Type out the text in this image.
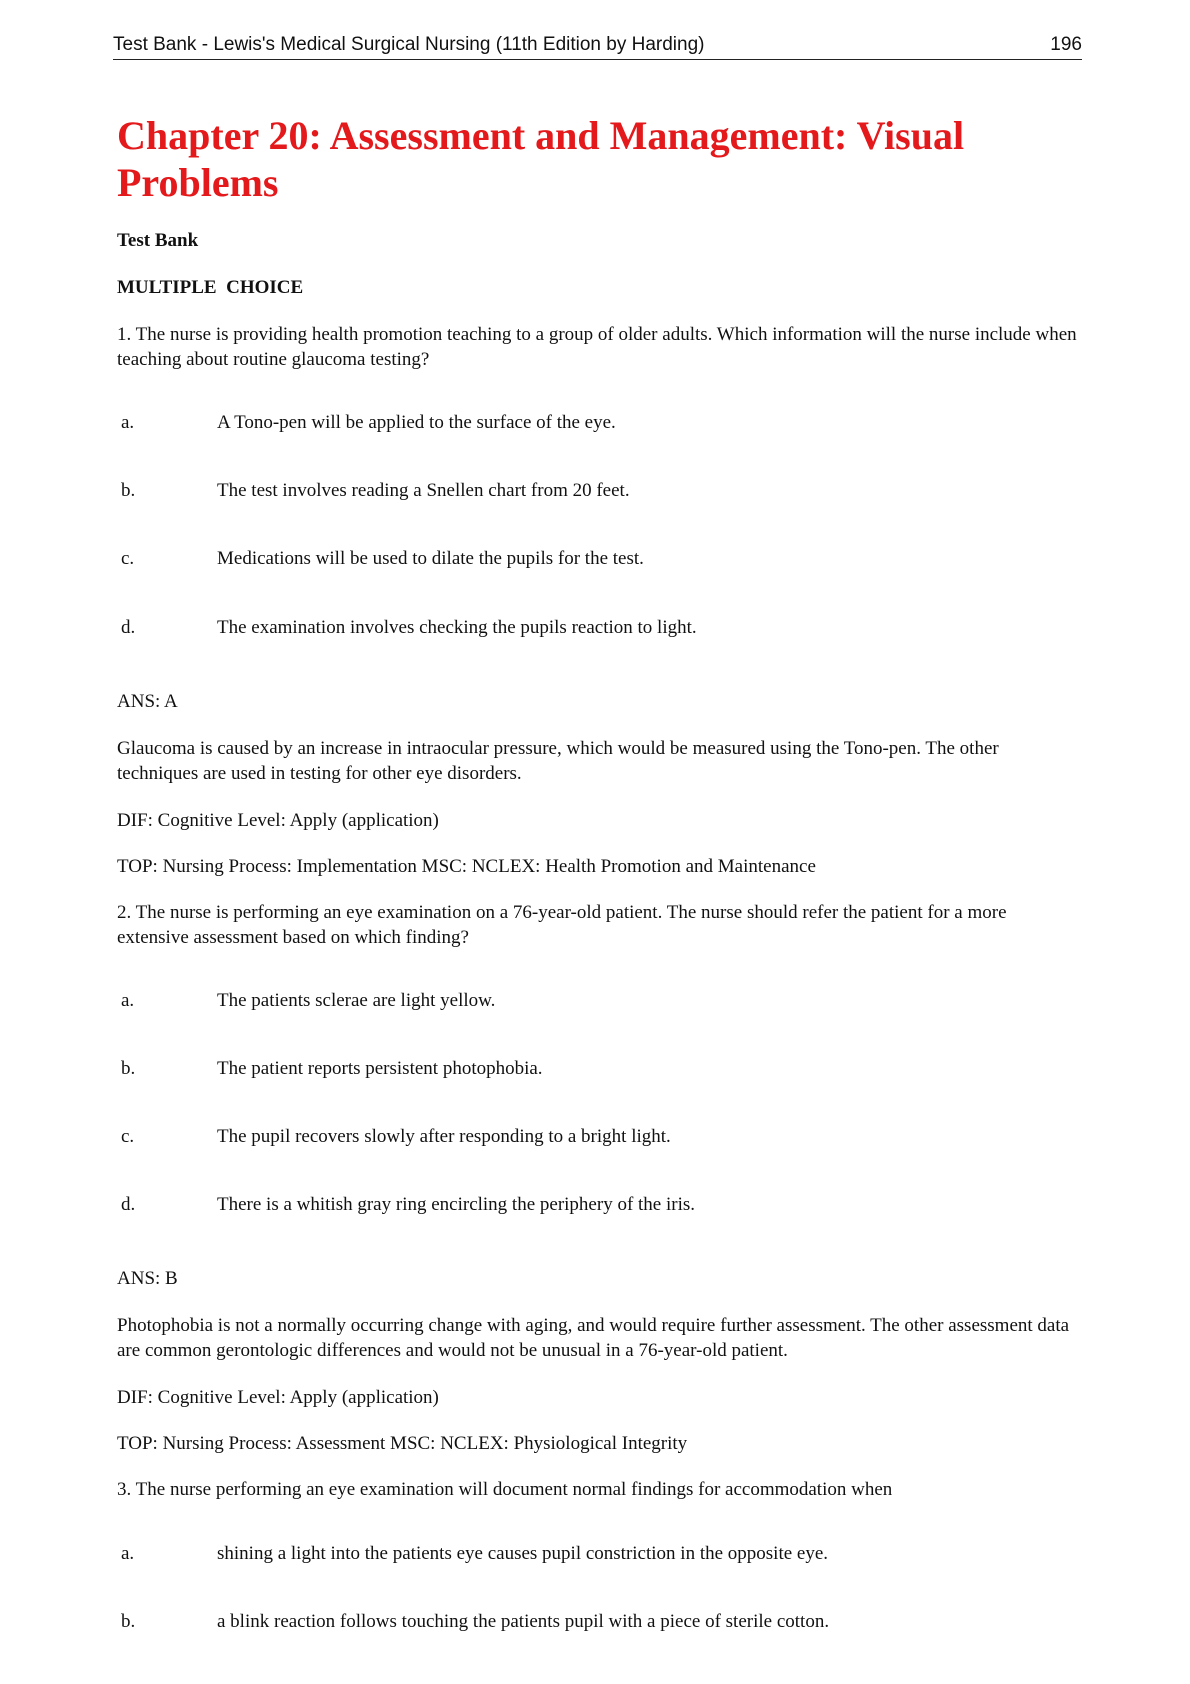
Test Bank - Lewis's Medical Surgical Nursing (11th Edition by Harding)	196
Chapter 20: Assessment and Management: Visual Problems
Test Bank
MULTIPLE  CHOICE
1. The nurse is providing health promotion teaching to a group of older adults. Which information will the nurse include when teaching about routine glaucoma testing?
a.	A Tono-pen will be applied to the surface of the eye.
b.	The test involves reading a Snellen chart from 20 feet.
c.	Medications will be used to dilate the pupils for the test.
d.	The examination involves checking the pupils reaction to light.
ANS: A
Glaucoma is caused by an increase in intraocular pressure, which would be measured using the Tono-pen. The other techniques are used in testing for other eye disorders.
DIF: Cognitive Level: Apply (application)
TOP: Nursing Process: Implementation MSC: NCLEX: Health Promotion and Maintenance
2. The nurse is performing an eye examination on a 76-year-old patient. The nurse should refer the patient for a more extensive assessment based on which finding?
a.	The patients sclerae are light yellow.
b.	The patient reports persistent photophobia.
c.	The pupil recovers slowly after responding to a bright light.
d.	There is a whitish gray ring encircling the periphery of the iris.
ANS: B
Photophobia is not a normally occurring change with aging, and would require further assessment. The other assessment data are common gerontologic differences and would not be unusual in a 76-year-old patient.
DIF: Cognitive Level: Apply (application)
TOP: Nursing Process: Assessment MSC: NCLEX: Physiological Integrity
3. The nurse performing an eye examination will document normal findings for accommodation when
a.	shining a light into the patients eye causes pupil constriction in the opposite eye.
b.	a blink reaction follows touching the patients pupil with a piece of sterile cotton.
